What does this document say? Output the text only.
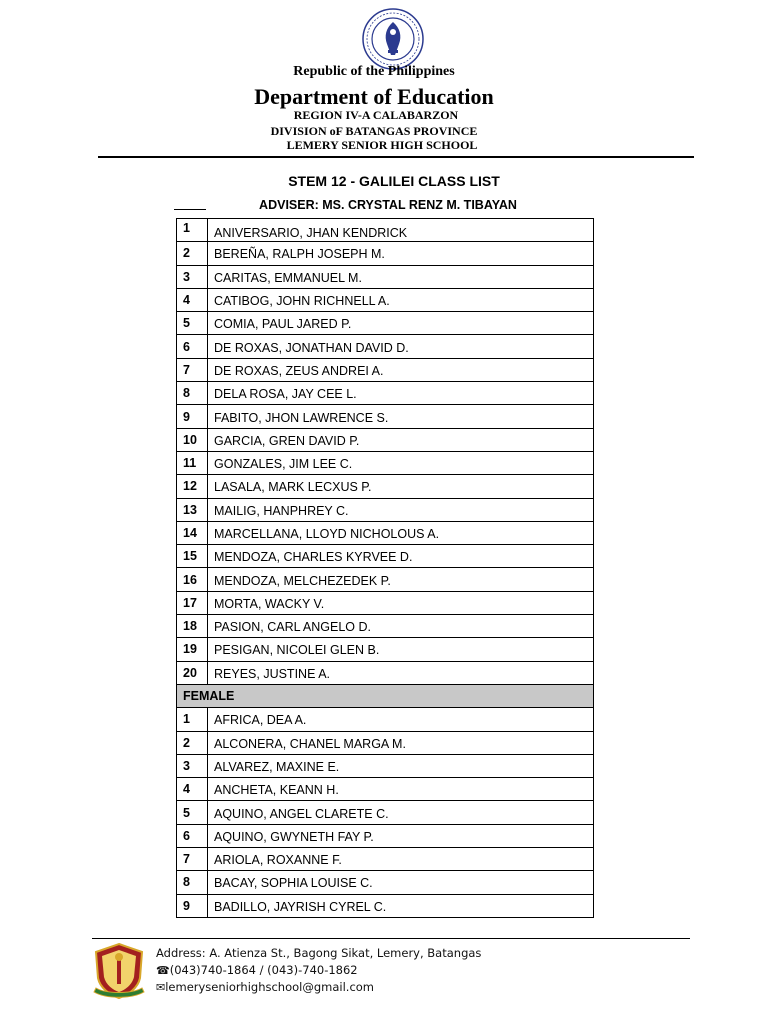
Republic of the Philippines
Department of Education
REGION IV-A CALABARZON
DIVISION oF BATANGAS PROVINCE
LEMERY SENIOR HIGH SCHOOL
STEM 12 - GALILEI CLASS LIST
ADVISER: MS. CRYSTAL RENZ M. TIBAYAN
1	ANIVERSARIO, JHAN KENDRICK
2	BEREÑA, RALPH JOSEPH M.
3	CARITAS, EMMANUEL M.
4	CATIBOG, JOHN RICHNELL A.
5	COMIA, PAUL JARED P.
6	DE ROXAS, JONATHAN DAVID D.
7	DE ROXAS, ZEUS ANDREI A.
8	DELA ROSA, JAY CEE L.
9	FABITO, JHON LAWRENCE S.
10	GARCIA, GREN DAVID P.
11	GONZALES, JIM LEE C.
12	LASALA, MARK LECXUS P.
13	MAILIG, HANPHREY C.
14	MARCELLANA, LLOYD NICHOLOUS A.
15	MENDOZA, CHARLES KYRVEE D.
16	MENDOZA, MELCHEZEDEK P.
17	MORTA, WACKY V.
18	PASION, CARL ANGELO D.
19	PESIGAN, NICOLEI GLEN B.
20	REYES, JUSTINE A.
FEMALE
1	AFRICA, DEA A.
2	ALCONERA, CHANEL MARGA M.
3	ALVAREZ, MAXINE E.
4	ANCHETA, KEANN H.
5	AQUINO, ANGEL CLARETE C.
6	AQUINO, GWYNETH FAY P.
7	ARIOLA, ROXANNE F.
8	BACAY, SOPHIA LOUISE C.
9	BADILLO, JAYRISH CYREL C.
Address: A. Atienza St., Bagong Sikat, Lemery, Batangas
☎(043)740-1864 / (043)-740-1862
✉lemeryseniorhighschool@gmail.com
